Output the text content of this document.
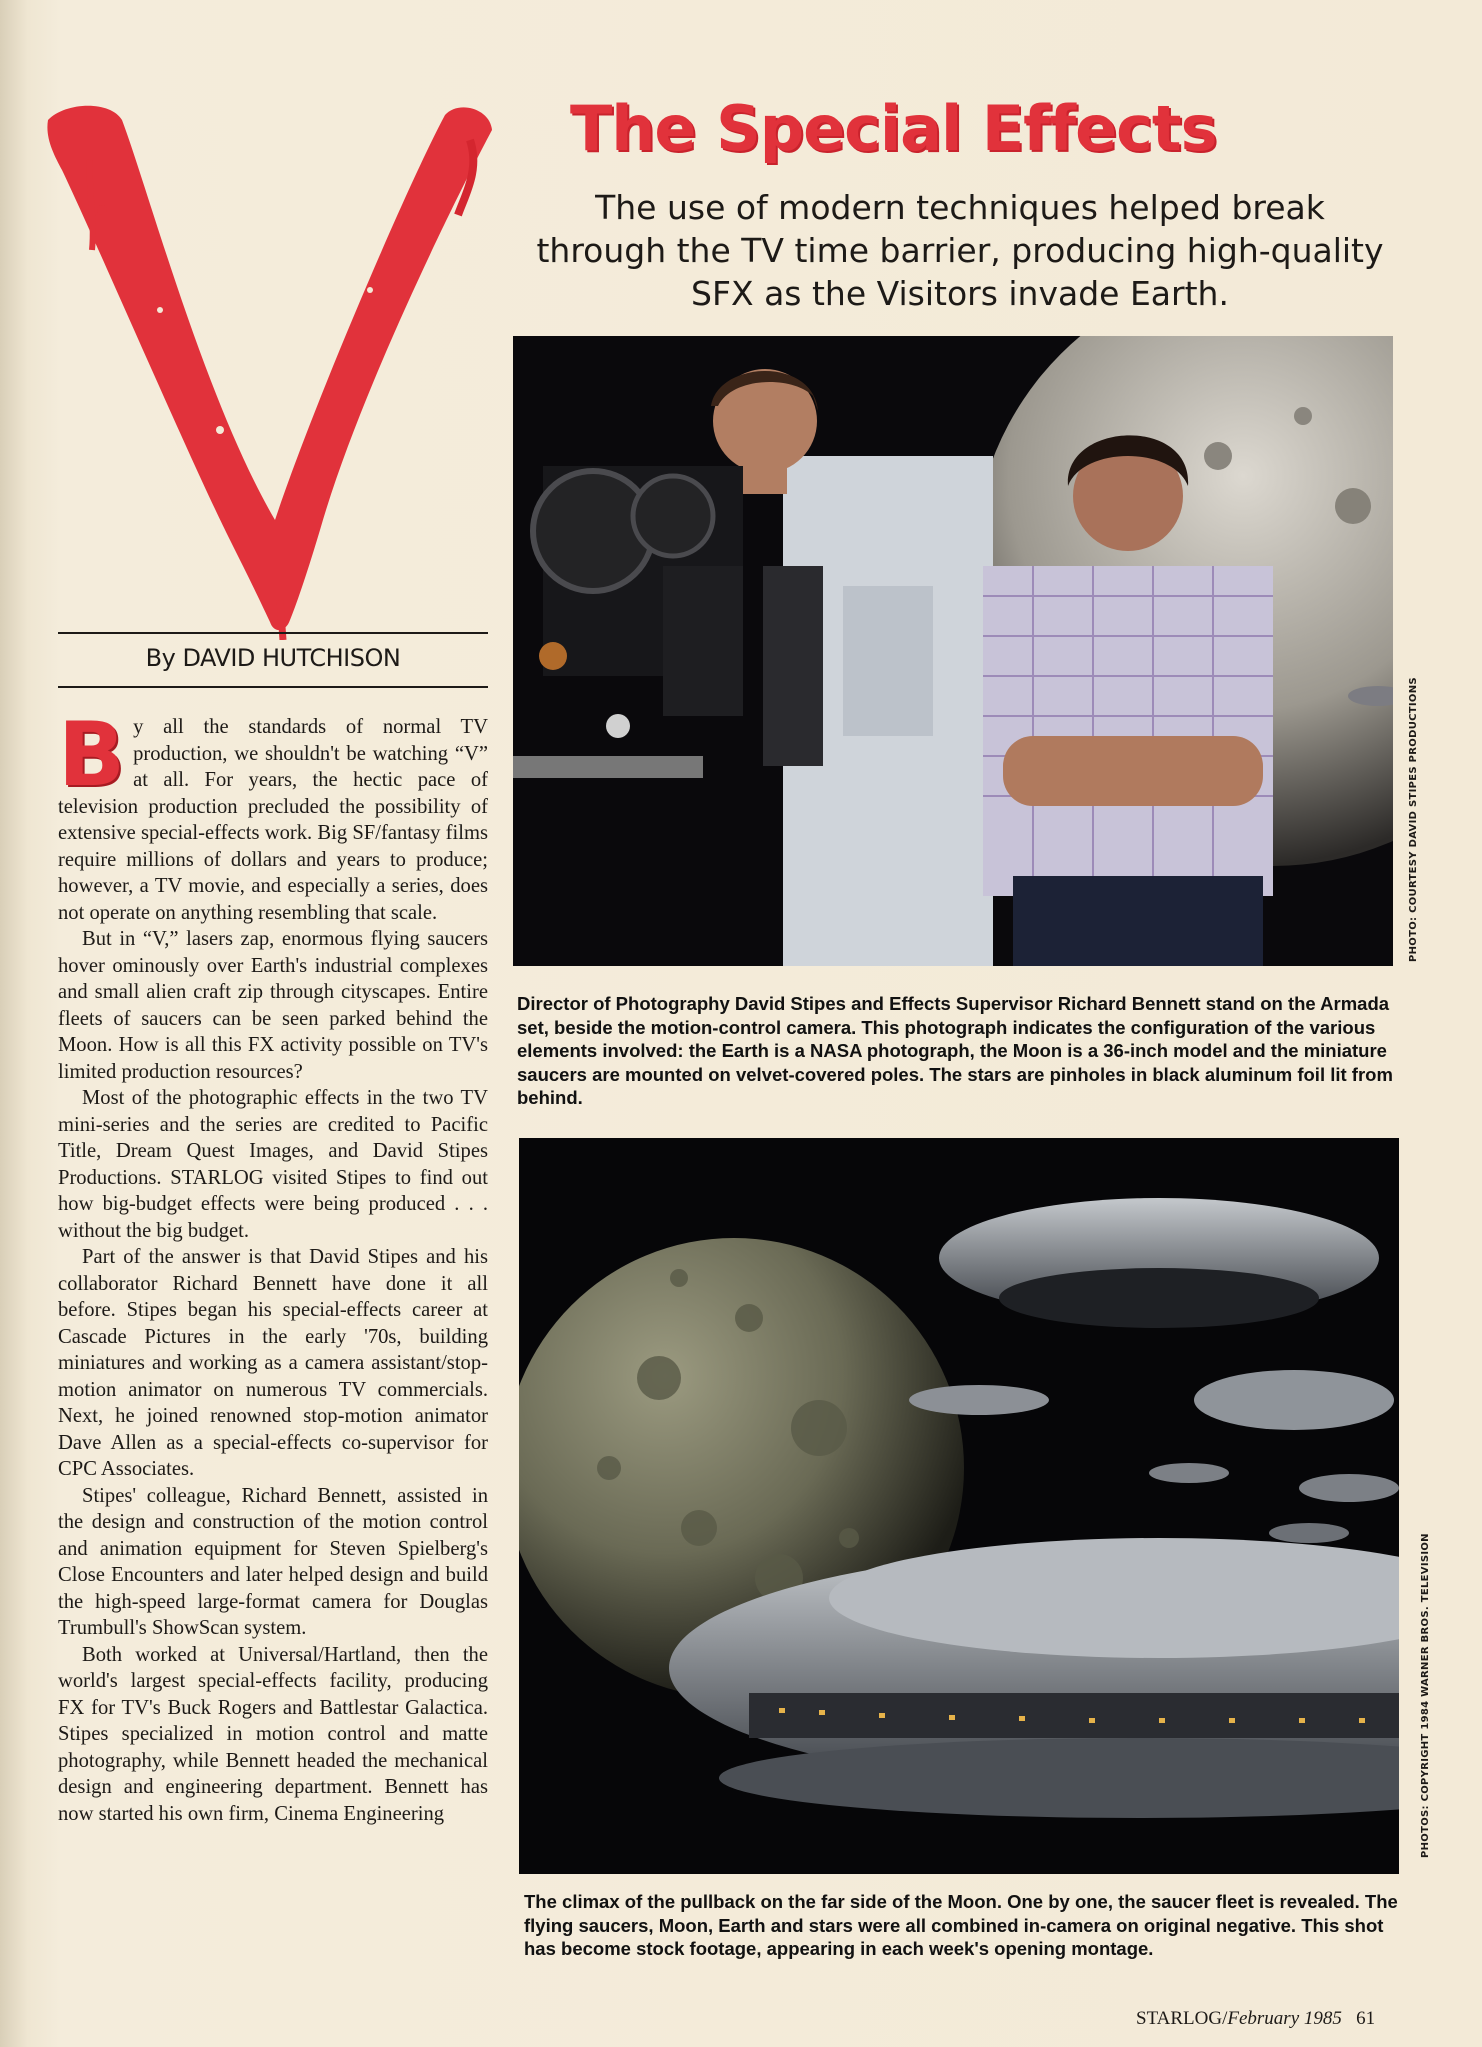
The Special Effects

The use of modern techniques helped break through the TV time barrier, producing high-quality SFX as the Visitors invade Earth.

By DAVID HUTCHISON

By all the standards of normal TV production, we shouldn't be watching “V” at all. For years, the hectic pace of television production precluded the possibility of extensive special-effects work. Big SF/fantasy films require millions of dollars and years to produce; however, a TV movie, and especially a series, does not operate on anything resembling that scale.

But in “V,” lasers zap, enormous flying saucers hover ominously over Earth's industrial complexes and small alien craft zip through cityscapes. Entire fleets of saucers can be seen parked behind the Moon. How is all this FX activity possible on TV's limited production resources?

Most of the photographic effects in the two TV mini-series and the series are credited to Pacific Title, Dream Quest Images, and David Stipes Productions. STARLOG visited Stipes to find out how big-budget effects were being produced . . . without the big budget.

Part of the answer is that David Stipes and his collaborator Richard Bennett have done it all before. Stipes began his special-effects career at Cascade Pictures in the early '70s, building miniatures and working as a camera assistant/stop-motion animator on numerous TV commercials. Next, he joined renowned stop-motion animator Dave Allen as a special-effects co-supervisor for CPC Associates.

Stipes' colleague, Richard Bennett, assisted in the design and construction of the motion control and animation equipment for Steven Spielberg's Close Encounters and later helped design and build the high-speed large-format camera for Douglas Trumbull's ShowScan system.

Both worked at Universal/Hartland, then the world's largest special-effects facility, producing FX for TV's Buck Rogers and Battlestar Galactica. Stipes specialized in motion control and matte photography, while Bennett headed the mechanical design and engineering department. Bennett has now started his own firm, Cinema Engineering

PHOTO: COURTESY DAVID STIPES PRODUCTIONS
Director of Photography David Stipes and Effects Supervisor Richard Bennett stand on the Armada set, beside the motion-control camera. This photograph indicates the configuration of the various elements involved: the Earth is a NASA photograph, the Moon is a 36-inch model and the miniature saucers are mounted on velvet-covered poles. The stars are pinholes in black aluminum foil lit from behind.
PHOTOS: COPYRIGHT 1984 WARNER BROS. TELEVISION
The climax of the pullback on the far side of the Moon. One by one, the saucer fleet is revealed. The flying saucers, Moon, Earth and stars were all combined in-camera on original negative. This shot has become stock footage, appearing in each week's opening montage.
STARLOG/February 1985 61
